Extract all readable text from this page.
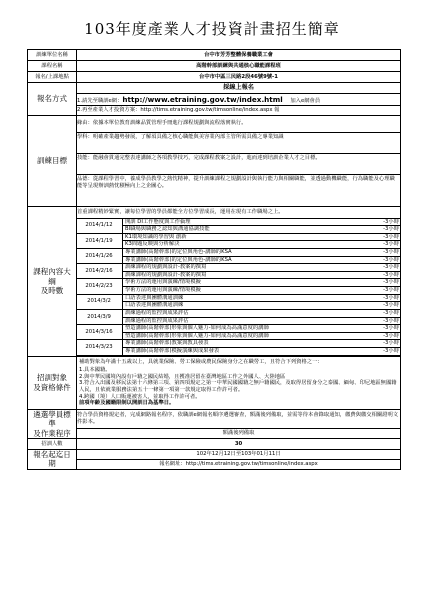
103年度產業人才投資計畫招生簡章
訓練單位名稱	台中市芳芳整體保養職業工會
課程名稱	高階幹部訓練與共通核心職能課程班
報名/上課地點	台中市中區三民路2段46號9號-1
報名方式	
採線上報名
1.請先至職訓e網：http://www.etraining.gov.tw/index.html 加入e網會員
2.再至產業人才投資方案：http://tims.etraining.gov.tw/timsonline/index.aspx 報

訓練目標	
緣由：依據本單位教育訓練品質管理手冊進行課程規劃與流程落實執行。
學科：明確產業趨勢發展，了解須具備之核心職能與美容業內部主管所需具備之專業知識
技能：能融會貫通完整表達講師之各項教學技巧，完成課程教案之設計，進而達到培訓企業人才之目標。
品德：從課程學習中，養成學員教學之熱忱精神，提升訓練課程之規劃設計與執行能力與相關職能，並透過動機職能，行為職能及心理職能等呈現辦訓熱忱積極向上之企圖心。

課程內容大綱
及時數

首重課程精妙緊實，讓每位學習的學員都能全方位學習成長，運用在現有工作職場之上。
2014/1/12	
開訓 DI工作態度與工作倫理	-3小時

BI職場與職務之認知與溝通協調技能	-3小時

2014/1/19	
K1環境知識的學習與 創新	-3小時

K3問題反映與分析解決	-3小時

2014/1/26	
專業講師(高階幹部)的定位與角色-講師的KSA	-3小時

專業講師(高階幹部)的定位與角色-講師的KSA	-3小時

2014/2/16	
訓練課程的規劃與設計-教案的撰寫	-3小時

訓練課程的規劃與設計-教案的撰寫	-3小時

2014/2/23	
學術方法的運用與演練/情境模擬	-3小時

學術方法的運用與演練/情境模擬	-3小時

2014/3/2	
口語表達與團體溝通訓練	-3小時

口語表達與團體溝通訓練	-3小時

2014/3/9	
訓練過程的監控與成果評估	-3小時

訓練過程的監控與成果評估	-3小時

2014/3/16	
塑造講師(高階幹部)形象與個人魅力-如何成為高滿意度的講師	-3小時

塑造講師(高階幹部)形象與個人魅力-如何成為高滿意度的講師	-3小時

2014/3/23	
專業講師(高階幹部)教案與教具發表	-3小時

專業講師(高階幹部)模擬演練與成果發表	-3小時

招訓對象
及資格條件

補助對象為年滿十五歲以上，具就業保險、勞工保險或農民保險身分之在職勞工，且符合下列資格之一：
1.具本國籍。
2.與中華民國境內設有戶籍之國民結婚，且獲准居留在臺灣地區工作之外國人、大陸地區
3.符合入出國及移民法第十六條第三項、第四項規定之第一中華民國國籍之無戶籍國民，及取得居留身分之泰國、緬甸、印尼地區無國籍人民，且依就業服務法第五十一條第一項第一款規定取得工作許可者。
4.跨國（境）人口販運被害人，並取得工作許可者。
前項年齡及國籍限制以開訓日為基準日。

遴選學員標準
及作業程序

符合學員資格規定者，完成網路報名程序，依職訓e網報名順序遴選審查，額滿後列備取，並需等待本會錄取通知，繳費與繳交相關證明文件影本。
額滿後列備取

招訓人數	30
報名起迄日期	
102年12月12日至103年01月11日
報名網址：http://tims.etraining.gov.tw/timsonline/index.aspx
